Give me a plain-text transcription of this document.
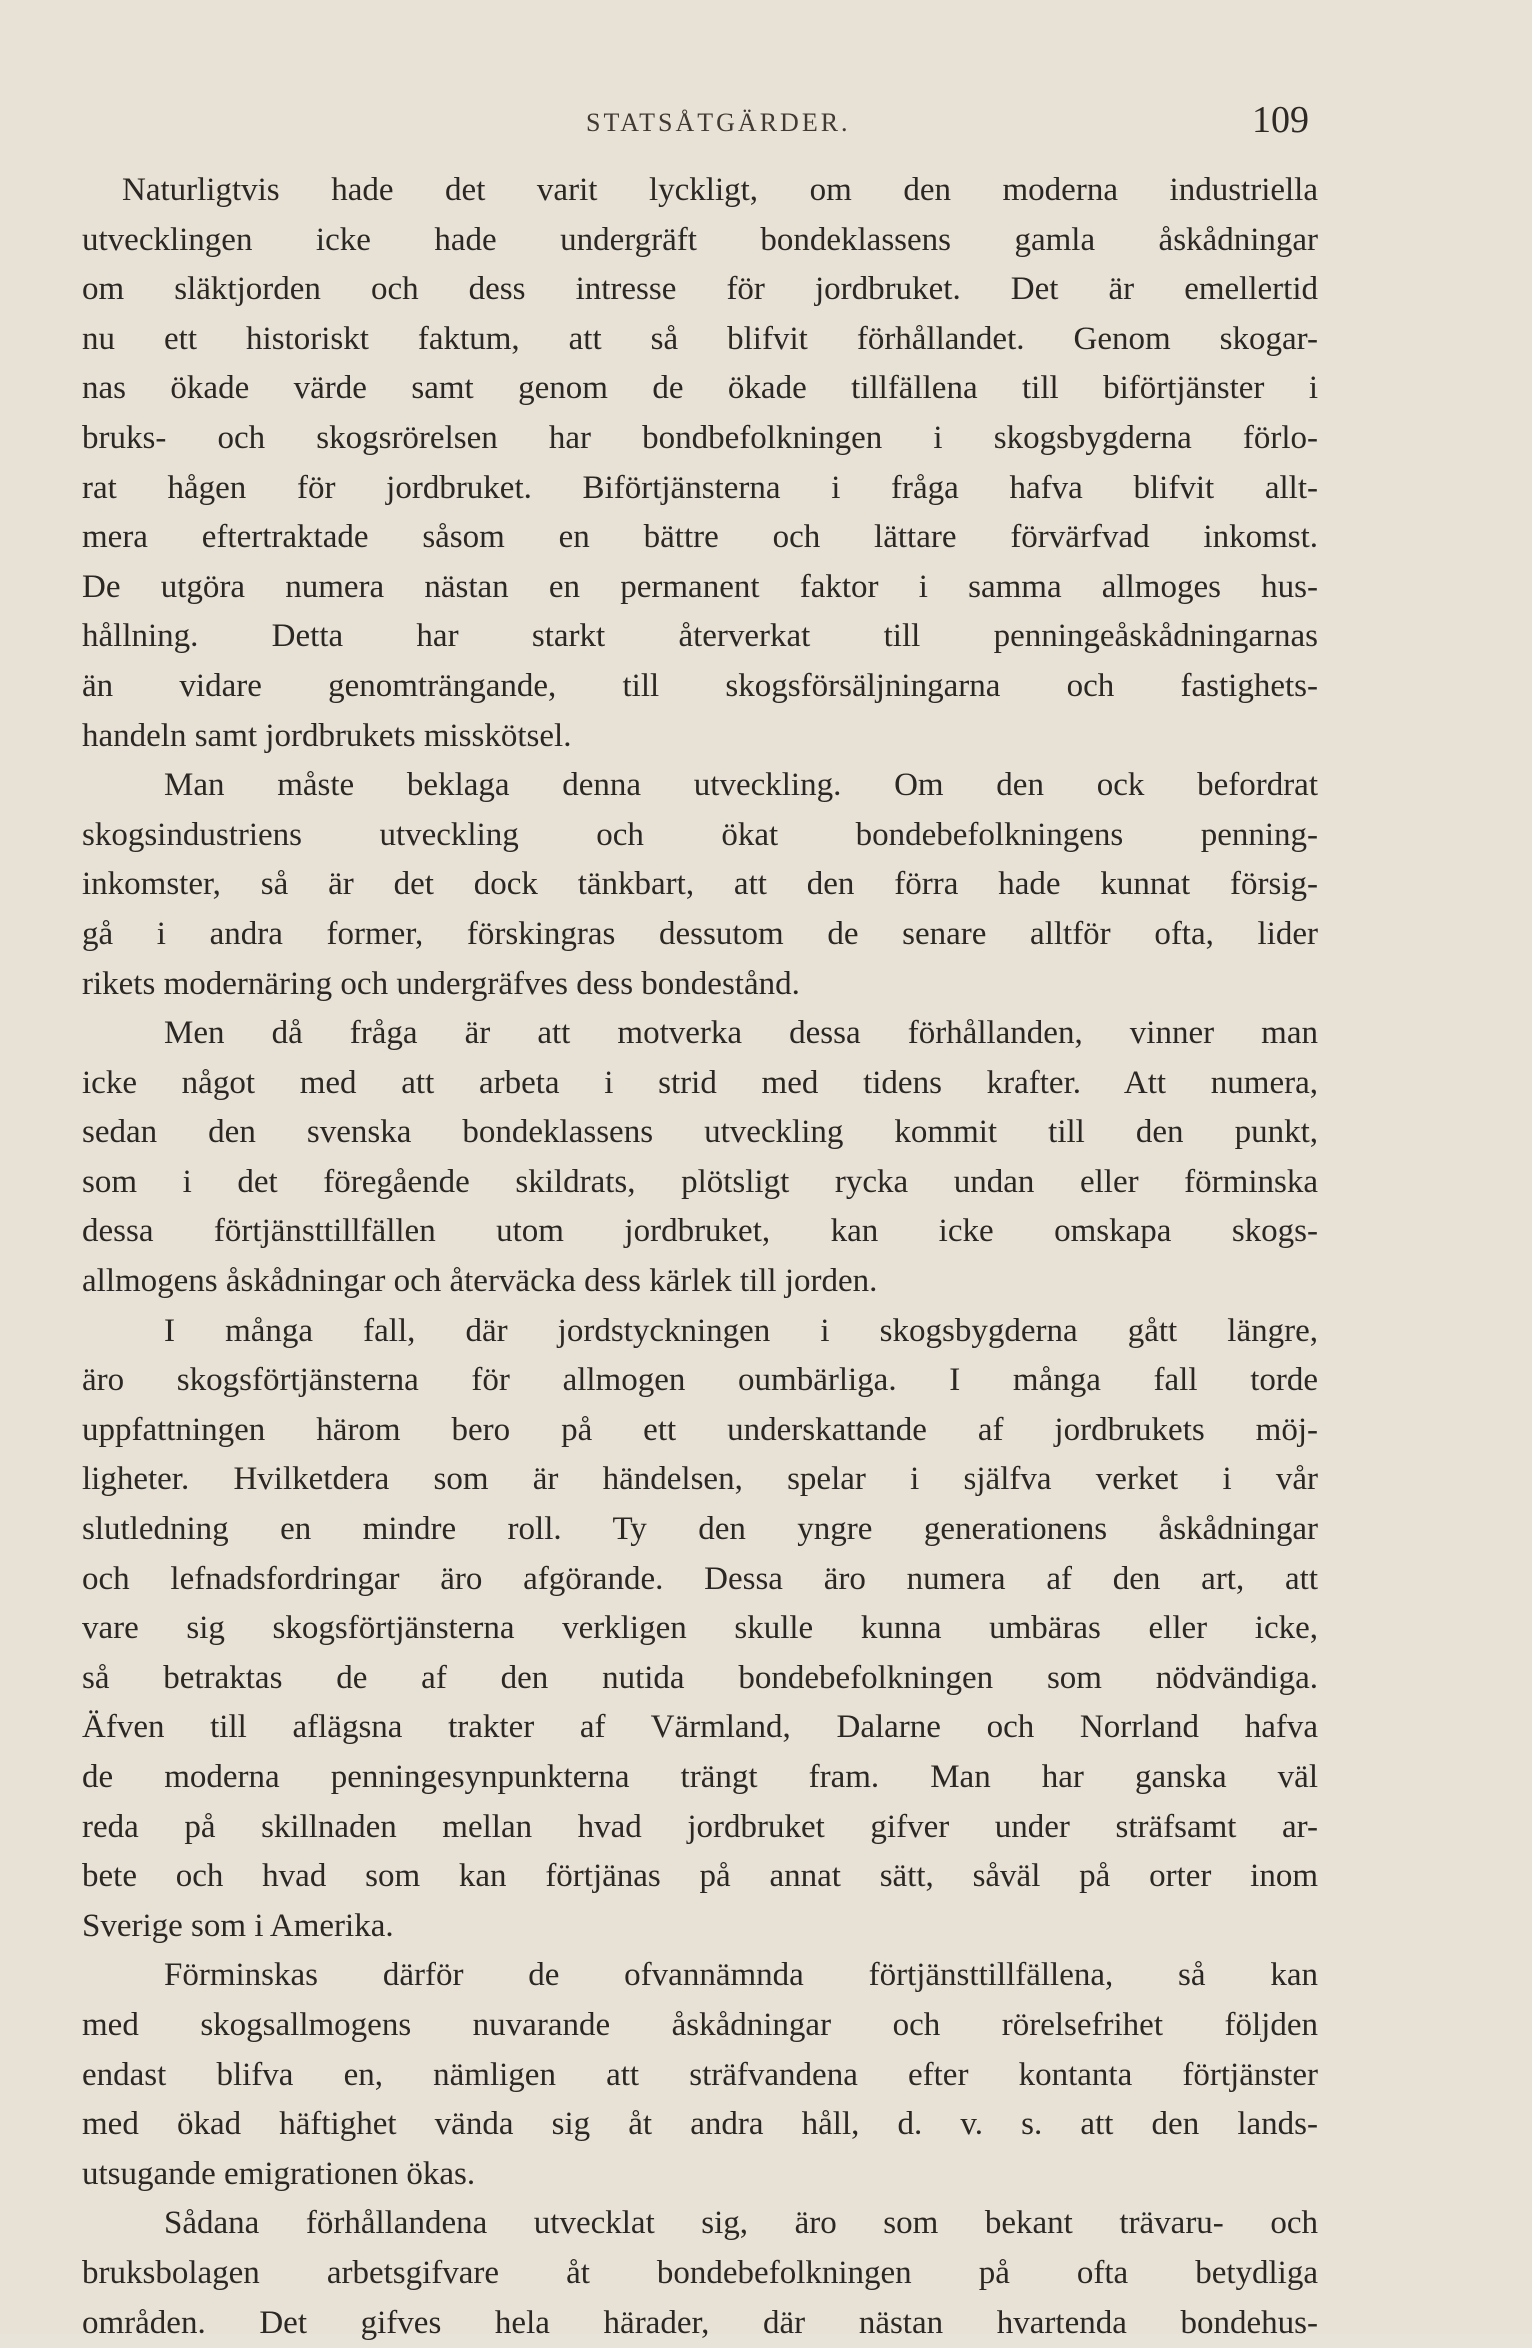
STATSÅTGÄRDER.	109
Naturligtvis hade det varit lyckligt, om den moderna industriella
utvecklingen icke hade undergräft bondeklassens gamla åskådningar
om släktjorden och dess intresse för jordbruket. Det är emellertid
nu ett historiskt faktum, att så blifvit förhållandet. Genom skogar-
nas ökade värde samt genom de ökade tillfällena till biförtjänster i
bruks- och skogsrörelsen har bondbefolkningen i skogsbygderna förlo-
rat hågen för jordbruket. Biförtjänsterna i fråga hafva blifvit allt-
mera eftertraktade såsom en bättre och lättare förvärfvad inkomst.
De utgöra numera nästan en permanent faktor i samma allmoges hus-
hållning. Detta har starkt återverkat till penningeåskådningarnas
än vidare genomträngande, till skogsförsäljningarna och fastighets-
handeln samt jordbrukets misskötsel.
Man måste beklaga denna utveckling. Om den ock befordrat
skogsindustriens utveckling och ökat bondebefolkningens penning-
inkomster, så är det dock tänkbart, att den förra hade kunnat försig-
gå i andra former, förskingras dessutom de senare alltför ofta, lider
rikets modernäring och undergräfves dess bondestånd.
Men då fråga är att motverka dessa förhållanden, vinner man
icke något med att arbeta i strid med tidens krafter. Att numera,
sedan den svenska bondeklassens utveckling kommit till den punkt,
som i det föregående skildrats, plötsligt rycka undan eller förminska
dessa förtjänsttillfällen utom jordbruket, kan icke omskapa skogs-
allmogens åskådningar och återväcka dess kärlek till jorden.
I många fall, där jordstyckningen i skogsbygderna gått längre,
äro skogsförtjänsterna för allmogen oumbärliga. I många fall torde
uppfattningen härom bero på ett underskattande af jordbrukets möj-
ligheter. Hvilketdera som är händelsen, spelar i själfva verket i vår
slutledning en mindre roll. Ty den yngre generationens åskådningar
och lefnadsfordringar äro afgörande. Dessa äro numera af den art, att
vare sig skogsförtjänsterna verkligen skulle kunna umbäras eller icke,
så betraktas de af den nutida bondebefolkningen som nödvändiga.
Äfven till aflägsna trakter af Värmland, Dalarne och Norrland hafva
de moderna penningesynpunkterna trängt fram. Man har ganska väl
reda på skillnaden mellan hvad jordbruket gifver under sträfsamt ar-
bete och hvad som kan förtjänas på annat sätt, såväl på orter inom
Sverige som i Amerika.
Förminskas därför de ofvannämnda förtjänsttillfällena, så kan
med skogsallmogens nuvarande åskådningar och rörelsefrihet följden
endast blifva en, nämligen att sträfvandena efter kontanta förtjänster
med ökad häftighet vända sig åt andra håll, d. v. s. att den lands-
utsugande emigrationen ökas.
Sådana förhållandena utvecklat sig, äro som bekant trävaru- och
bruksbolagen arbetsgifvare åt bondebefolkningen på ofta betydliga
områden. Det gifves hela härader, där nästan hvartenda bondehus-
